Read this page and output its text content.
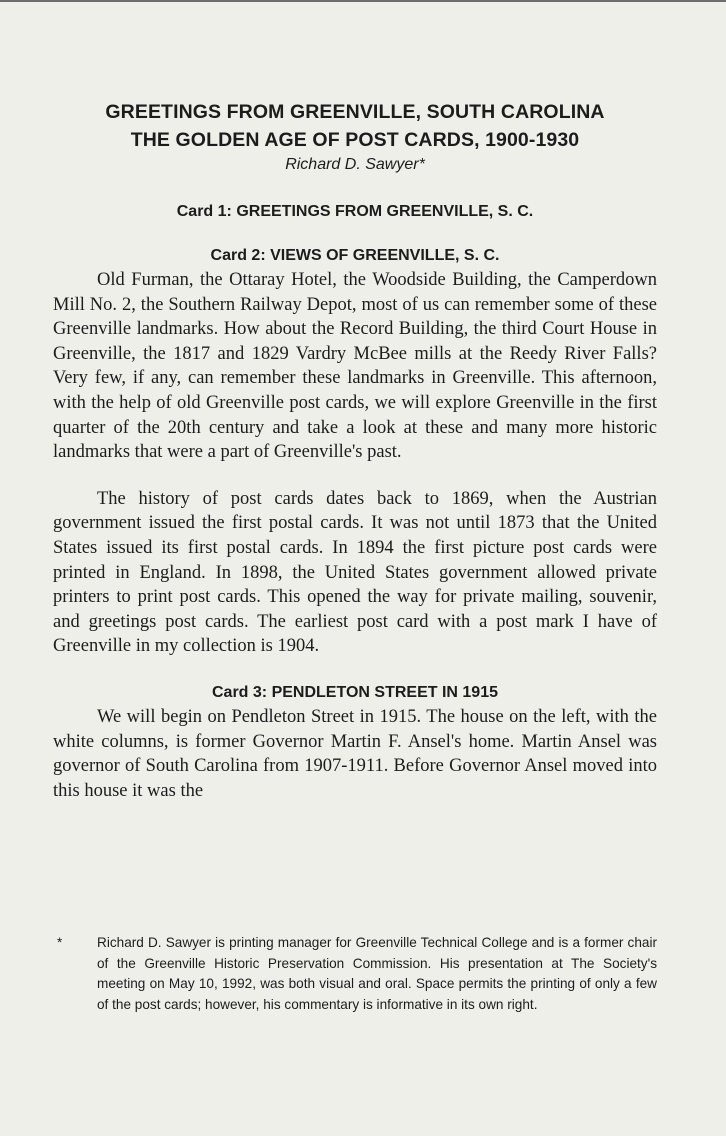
GREETINGS FROM GREENVILLE, SOUTH CAROLINA

THE GOLDEN AGE OF POST CARDS, 1900-1930

Richard D. Sawyer*

Card 1: GREETINGS FROM GREENVILLE, S. C.

Card 2: VIEWS OF GREENVILLE, S. C.

Old Furman, the Ottaray Hotel, the Woodside Building, the Camperdown Mill No. 2, the Southern Railway Depot, most of us can remember some of these Greenville landmarks. How about the Record Building, the third Court House in Greenville, the 1817 and 1829 Vardry McBee mills at the Reedy River Falls? Very few, if any, can remember these landmarks in Greenville. This afternoon, with the help of old Greenville post cards, we will explore Greenville in the first quarter of the 20th century and take a look at these and many more historic landmarks that were a part of Greenville's past.

The history of post cards dates back to 1869, when the Austrian government issued the first postal cards. It was not until 1873 that the United States issued its first postal cards. In 1894 the first picture post cards were printed in England. In 1898, the United States government allowed private printers to print post cards. This opened the way for private mailing, souvenir, and greetings post cards. The earliest post card with a post mark I have of Greenville in my collection is 1904.

Card 3: PENDLETON STREET IN 1915

We will begin on Pendleton Street in 1915. The house on the left, with the white columns, is former Governor Martin F. Ansel's home. Martin Ansel was governor of South Carolina from 1907-1911. Before Governor Ansel moved into this house it was the

*	Richard D. Sawyer is printing manager for Greenville Technical College and is a former chair of the Greenville Historic Preservation Commission. His presentation at The Society's meeting on May 10, 1992, was both visual and oral. Space permits the printing of only a few of the post cards; however, his commentary is informative in its own right.
